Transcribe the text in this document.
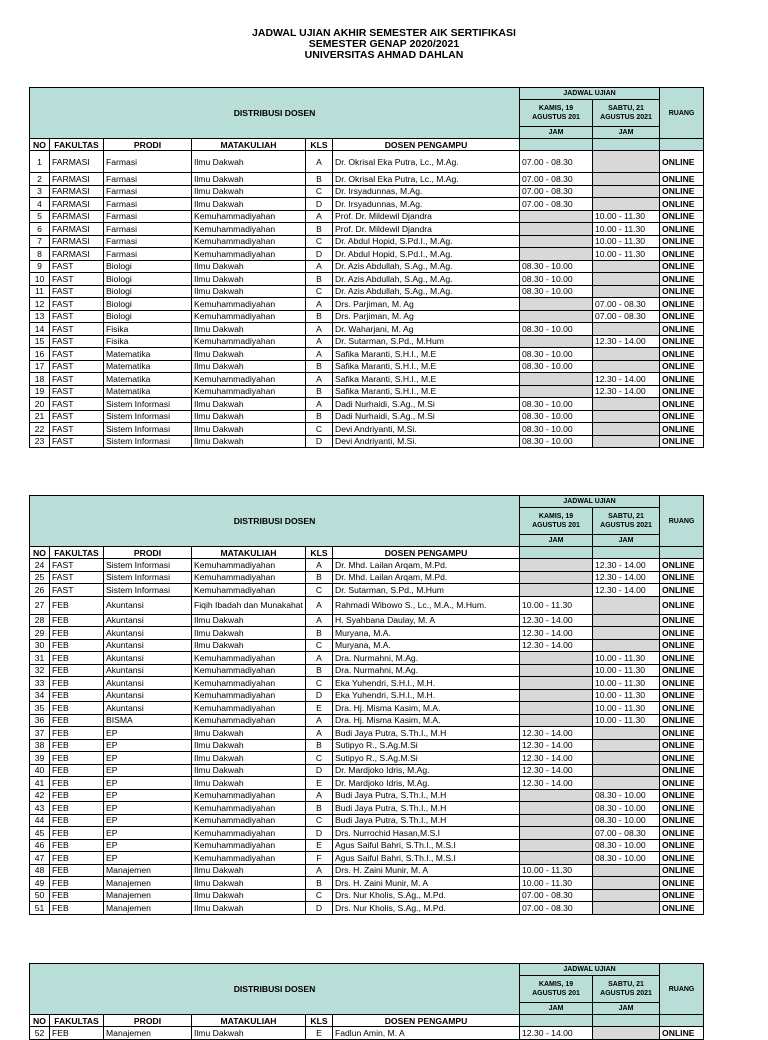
JADWAL UJIAN AKHIR SEMESTER AIK SERTIFIKASI
SEMESTER GENAP 2020/2021
UNIVERSITAS AHMAD DAHLAN
DISTRIBUSI DOSEN						JADWAL UJIAN		RUANG
						KAMIS, 19 AGUSTUS 201	SABTU, 21 AGUSTUS 2021	
						JAM	JAM	
NO	FAKULTAS	PRODI	MATAKULIAH	KLS	DOSEN PENGAMPU			
1	FARMASI	Farmasi	Ilmu Dakwah	A	Dr. Okrisal Eka Putra, Lc., M.Ag.	07.00 - 08.30		ONLINE
2	FARMASI	Farmasi	Ilmu Dakwah	B	Dr. Okrisal Eka Putra, Lc., M.Ag.	07.00 - 08.30		ONLINE
3	FARMASI	Farmasi	Ilmu Dakwah	C	Dr. Irsyadunnas, M.Ag.	07.00 - 08.30		ONLINE
4	FARMASI	Farmasi	Ilmu Dakwah	D	Dr. Irsyadunnas, M.Ag.	07.00 - 08.30		ONLINE
5	FARMASI	Farmasi	Kemuhammadiyahan	A	Prof. Dr. Mildewil Djandra		10.00 - 11.30	ONLINE
6	FARMASI	Farmasi	Kemuhammadiyahan	B	Prof. Dr. Mildewil Djandra		10.00 - 11.30	ONLINE
7	FARMASI	Farmasi	Kemuhammadiyahan	C	Dr. Abdul Hopid, S.Pd.I., M.Ag.		10.00 - 11.30	ONLINE
8	FARMASI	Farmasi	Kemuhammadiyahan	D	Dr. Abdul Hopid, S.Pd.I., M.Ag.		10.00 - 11.30	ONLINE
9	FAST	Biologi	Ilmu Dakwah	A	Dr. Azis Abdullah, S.Ag., M.Ag.	08.30 - 10.00		ONLINE
10	FAST	Biologi	Ilmu Dakwah	B	Dr. Azis Abdullah, S.Ag., M.Ag.	08.30 - 10.00		ONLINE
11	FAST	Biologi	Ilmu Dakwah	C	Dr. Azis Abdullah, S.Ag., M.Ag.	08.30 - 10.00		ONLINE
12	FAST	Biologi	Kemuhammadiyahan	A	Drs. Parjiman, M. Ag		07.00 - 08.30	ONLINE
13	FAST	Biologi	Kemuhammadiyahan	B	Drs. Parjiman, M. Ag		07.00 - 08.30	ONLINE
14	FAST	Fisika	Ilmu Dakwah	A	Dr. Waharjani, M. Ag	08.30 - 10.00		ONLINE
15	FAST	Fisika	Kemuhammadiyahan	A	Dr. Sutarman, S.Pd., M.Hum		12.30 - 14.00	ONLINE
16	FAST	Matematika	Ilmu Dakwah	A	Safika Maranti, S.H.I., M.E	08.30 - 10.00		ONLINE
17	FAST	Matematika	Ilmu Dakwah	B	Safika Maranti, S.H.I., M.E	08.30 - 10.00		ONLINE
18	FAST	Matematika	Kemuhammadiyahan	A	Safika Maranti, S.H.I., M.E		12.30 - 14.00	ONLINE
19	FAST	Matematika	Kemuhammadiyahan	B	Safika Maranti, S.H.I., M.E		12.30 - 14.00	ONLINE
20	FAST	Sistem Informasi	Ilmu Dakwah	A	Dadi Nurhaidi, S.Ag., M.Si	08.30 - 10.00		ONLINE
21	FAST	Sistem Informasi	Ilmu Dakwah	B	Dadi Nurhaidi, S.Ag., M.Si	08.30 - 10.00		ONLINE
22	FAST	Sistem Informasi	Ilmu Dakwah	C	Devi Andriyanti, M.Si.	08.30 - 10.00		ONLINE
23	FAST	Sistem Informasi	Ilmu Dakwah	D	Devi Andriyanti, M.Si.	08.30 - 10.00		ONLINE
DISTRIBUSI DOSEN						JADWAL UJIAN		RUANG
						KAMIS, 19 AGUSTUS 201	SABTU, 21 AGUSTUS 2021	
						JAM	JAM	
NO	FAKULTAS	PRODI	MATAKULIAH	KLS	DOSEN PENGAMPU			
24	FAST	Sistem Informasi	Kemuhammadiyahan	A	Dr. Mhd. Lailan Arqam, M.Pd.		12.30 - 14.00	ONLINE
25	FAST	Sistem Informasi	Kemuhammadiyahan	B	Dr. Mhd. Lailan Arqam, M.Pd.		12.30 - 14.00	ONLINE
26	FAST	Sistem Informasi	Kemuhammadiyahan	C	Dr. Sutarman, S.Pd., M.Hum		12.30 - 14.00	ONLINE
27	FEB	Akuntansi	Fiqih Ibadah dan Munakahat	A	Rahmadi Wibowo S., Lc., M.A., M.Hum.	10.00 - 11.30		ONLINE
28	FEB	Akuntansi	Ilmu Dakwah	A	H. Syahbana Daulay, M. A	12.30 - 14.00		ONLINE
29	FEB	Akuntansi	Ilmu Dakwah	B	Muryana, M.A.	12.30 - 14.00		ONLINE
30	FEB	Akuntansi	Ilmu Dakwah	C	Muryana, M.A.	12.30 - 14.00		ONLINE
31	FEB	Akuntansi	Kemuhammadiyahan	A	Dra. Nurmahni, M.Ag.		10.00 - 11.30	ONLINE
32	FEB	Akuntansi	Kemuhammadiyahan	B	Dra. Nurmahni, M.Ag.		10.00 - 11.30	ONLINE
33	FEB	Akuntansi	Kemuhammadiyahan	C	Eka Yuhendri, S.H.I., M.H.		10.00 - 11.30	ONLINE
34	FEB	Akuntansi	Kemuhammadiyahan	D	Eka Yuhendri, S.H.I., M.H.		10.00 - 11.30	ONLINE
35	FEB	Akuntansi	Kemuhammadiyahan	E	Dra. Hj. Misma Kasim, M.A.		10.00 - 11.30	ONLINE
36	FEB	BISMA	Kemuhammadiyahan	A	Dra. Hj. Misma Kasim, M.A.		10.00 - 11.30	ONLINE
37	FEB	EP	Ilmu Dakwah	A	Budi Jaya Putra, S.Th.I., M.H	12.30 - 14.00		ONLINE
38	FEB	EP	Ilmu Dakwah	B	Sutipyo R., S.Ag.M.Si	12.30 - 14.00		ONLINE
39	FEB	EP	Ilmu Dakwah	C	Sutipyo R., S.Ag.M.Si	12.30 - 14.00		ONLINE
40	FEB	EP	Ilmu Dakwah	D	Dr. Mardjoko Idris, M.Ag.	12.30 - 14.00		ONLINE
41	FEB	EP	Ilmu Dakwah	E	Dr. Mardjoko Idris, M.Ag.	12.30 - 14.00		ONLINE
42	FEB	EP	Kemuhammadiyahan	A	Budi Jaya Putra, S.Th.I., M.H		08.30 - 10.00	ONLINE
43	FEB	EP	Kemuhammadiyahan	B	Budi Jaya Putra, S.Th.I., M.H		08.30 - 10.00	ONLINE
44	FEB	EP	Kemuhammadiyahan	C	Budi Jaya Putra, S.Th.I., M.H		08.30 - 10.00	ONLINE
45	FEB	EP	Kemuhammadiyahan	D	Drs. Nurrochid Hasan,M.S.I		07.00 - 08.30	ONLINE
46	FEB	EP	Kemuhammadiyahan	E	Agus Saiful Bahri, S.Th.I., M.S.I		08.30 - 10.00	ONLINE
47	FEB	EP	Kemuhammadiyahan	F	Agus Saiful Bahri, S.Th.I., M.S.I		08.30 - 10.00	ONLINE
48	FEB	Manajemen	Ilmu Dakwah	A	Drs. H. Zaini Munir, M. A	10.00 - 11.30		ONLINE
49	FEB	Manajemen	Ilmu Dakwah	B	Drs. H. Zaini Munir, M. A	10.00 - 11.30		ONLINE
50	FEB	Manajemen	Ilmu Dakwah	C	Drs. Nur Kholis, S.Ag., M.Pd.	07.00 - 08.30		ONLINE
51	FEB	Manajemen	Ilmu Dakwah	D	Drs. Nur Kholis, S.Ag., M.Pd.	07.00 - 08.30		ONLINE
DISTRIBUSI DOSEN						JADWAL UJIAN		RUANG
						KAMIS, 19 AGUSTUS 201	SABTU, 21 AGUSTUS 2021	
						JAM	JAM	
NO	FAKULTAS	PRODI	MATAKULIAH	KLS	DOSEN PENGAMPU			
52	FEB	Manajemen	Ilmu Dakwah	E	Fadlun Amin, M. A	12.30 - 14.00		ONLINE
